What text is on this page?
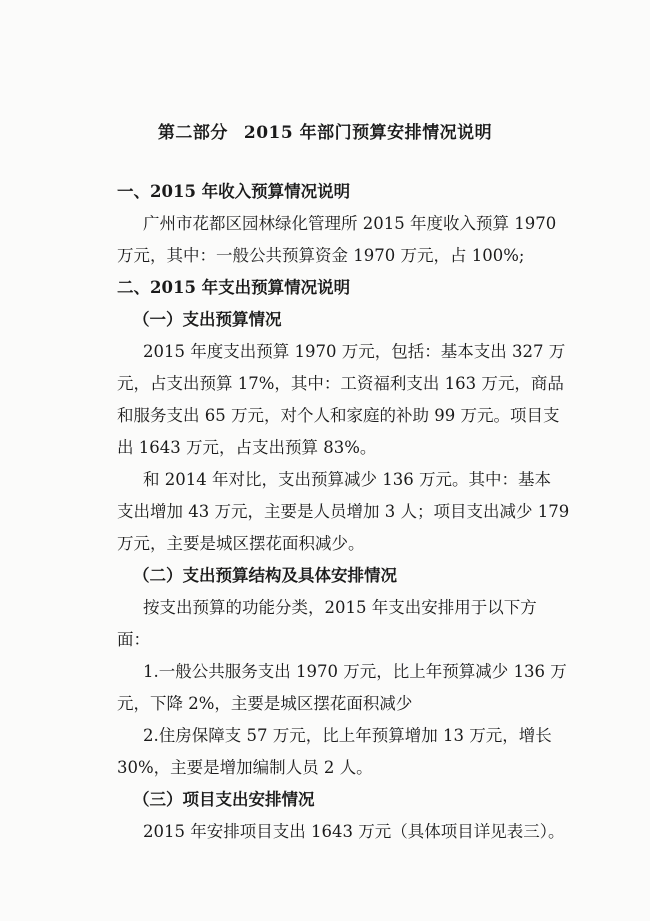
第二部分 2015 年部门预算安排情况说明
一、2015 年收入预算情况说明
广州市花都区园林绿化管理所 2015 年度收入预算 1970
万元，其中：一般公共预算资金 1970 万元，占 100%;
二、2015 年支出预算情况说明
（一）支出预算情况
2015 年度支出预算 1970 万元，包括：基本支出 327 万
元，占支出预算 17%，其中：工资福利支出 163 万元，商品
和服务支出 65 万元，对个人和家庭的补助 99 万元。项目支
出 1643 万元，占支出预算 83%。
和 2014 年对比，支出预算减少 136 万元。其中：基本
支出增加 43 万元，主要是人员增加 3 人；项目支出减少 179
万元，主要是城区摆花面积减少。
（二）支出预算结构及具体安排情况
按支出预算的功能分类，2015 年支出安排用于以下方
面：
1.一般公共服务支出 1970 万元，比上年预算减少 136 万
元，下降 2%，主要是城区摆花面积减少
2.住房保障支 57 万元，比上年预算增加 13 万元，增长
30%，主要是增加编制人员 2 人。
（三）项目支出安排情况
2015 年安排项目支出 1643 万元（具体项目详见表三）。
